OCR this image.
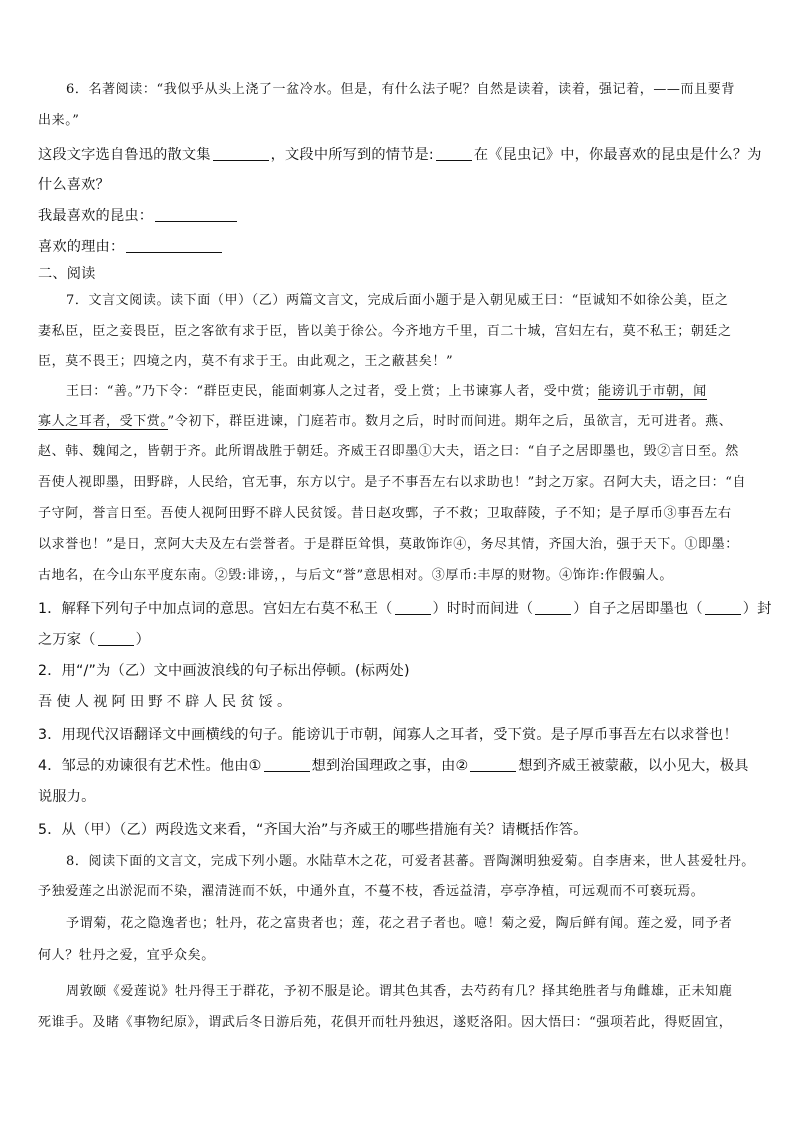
6．名著阅读：“我似乎从头上浇了一盆冷水。但是，有什么法子呢？自然是读着，读着，强记着，——而且要背
出来。”
这段文字选自鲁迅的散文集	，文段中所写到的情节是:	在《昆虫记》中，你最喜欢的昆虫是什么？为
什么喜欢？
我最喜欢的昆虫：
喜欢的理由：
二、阅读
7．文言文阅读。读下面（甲）（乙）两篇文言文，完成后面小题于是入朝见威王曰：“臣诚知不如徐公美，臣之
妻私臣，臣之妾畏臣，臣之客欲有求于臣，皆以美于徐公。今齐地方千里，百二十城，宫妇左右，莫不私王；朝廷之
臣，莫不畏王；四境之内，莫不有求于王。由此观之，王之蔽甚矣！”
王曰：“善。”乃下令：“群臣吏民，能面刺寡人之过者，受上赏；上书谏寡人者，受中赏；能谤讥于市朝，闻
寡人之耳者，受下赏。”令初下，群臣进谏，门庭若市。数月之后，时时而间进。期年之后，虽欲言，无可进者。燕、
赵、韩、魏闻之，皆朝于齐。此所谓战胜于朝廷。齐威王召即墨①大夫，语之曰：“自子之居即墨也，毁②言日至。然
吾使人视即墨，田野辟，人民给，官无事，东方以宁。是子不事吾左右以求助也！”封之万家。召阿大夫，语之曰：“自
子守阿，誉言日至。吾使人视阿田野不辟人民贫馁。昔日赵攻鄄，子不救；卫取薛陵，子不知；是子厚币③事吾左右
以求誉也！”是日，烹阿大夫及左右尝誉者。于是群臣耸惧，莫敢饰诈④，务尽其情，齐国大治，强于天下。①即墨：
古地名，在今山东平度东南。②毁:诽谤，，与后文“誉”意思相对。③厚币:丰厚的财物。④饰诈:作假骗人。
1．解释下列句子中加点词的意思。宫妇左右莫不私王（	）时时而间进（	）自子之居即墨也（	）封
之万家（	）
2．用“/”为（乙）文中画波浪线的句子标出停顿。(标两处)
吾使人视阿田野不辟人民贫馁。
3．用现代汉语翻译文中画横线的句子。能谤讥于市朝，闻寡人之耳者，受下赏。是子厚币事吾左右以求誉也！
4．邹忌的劝谏很有艺术性。他由①	想到治国理政之事，由②	想到齐威王被蒙蔽，以小见大，极具
说服力。
5．从（甲）（乙）两段选文来看，“齐国大治”与齐威王的哪些措施有关？请概括作答。
8．阅读下面的文言文，完成下列小题。水陆草木之花，可爱者甚蕃。晋陶渊明独爱菊。自李唐来，世人甚爱牡丹。
予独爱莲之出淤泥而不染，濯清涟而不妖，中通外直，不蔓不枝，香远益清，亭亭净植，可远观而不可亵玩焉。
予谓菊，花之隐逸者也；牡丹，花之富贵者也；莲，花之君子者也。噫！菊之爱，陶后鲜有闻。莲之爱，同予者
何人？牡丹之爱，宜乎众矣。
周敦颐《爱莲说》牡丹得王于群花，予初不服是论。谓其色其香，去芍药有几？择其绝胜者与角雌雄，正未知鹿
死谁手。及睹《事物纪原》，谓武后冬日游后苑，花俱开而牡丹独迟，遂贬洛阳。因大悟曰：“强项若此，得贬固宜，
